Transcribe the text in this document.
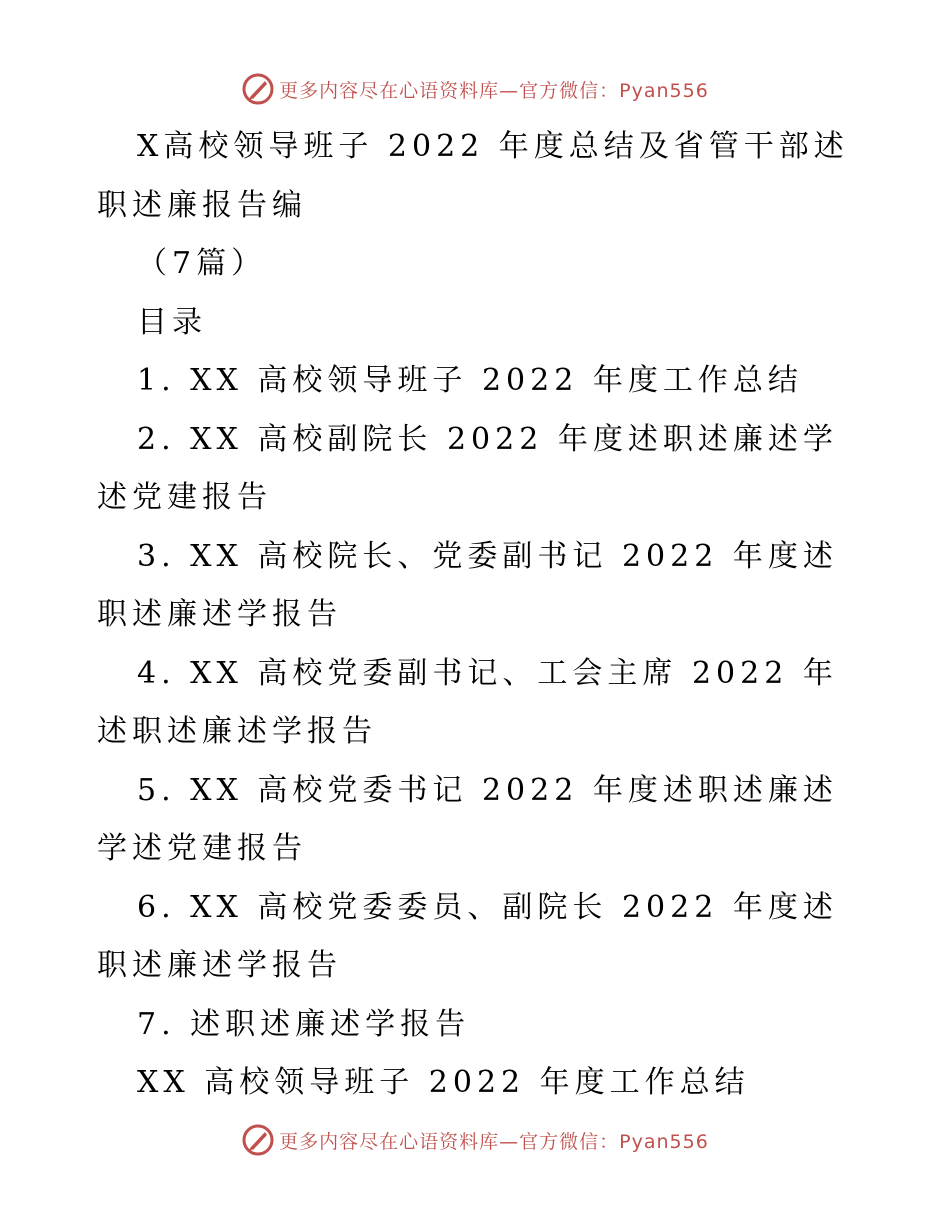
更多内容尽在心语资料库—官方微信：Pyan556

X高校领导班子 2022 年度总结及省管干部述职述廉报告编

（7篇）

目录

1. XX 高校领导班子 2022 年度工作总结

2. XX 高校副院长 2022 年度述职述廉述学述党建报告

3. XX 高校院长、党委副书记 2022 年度述职述廉述学报告

4. XX 高校党委副书记、工会主席 2022 年述职述廉述学报告

5. XX 高校党委书记 2022 年度述职述廉述学述党建报告

6. XX 高校党委委员、副院长 2022 年度述职述廉述学报告

7. 述职述廉述学报告

XX 高校领导班子 2022 年度工作总结

更多内容尽在心语资料库—官方微信：Pyan556
